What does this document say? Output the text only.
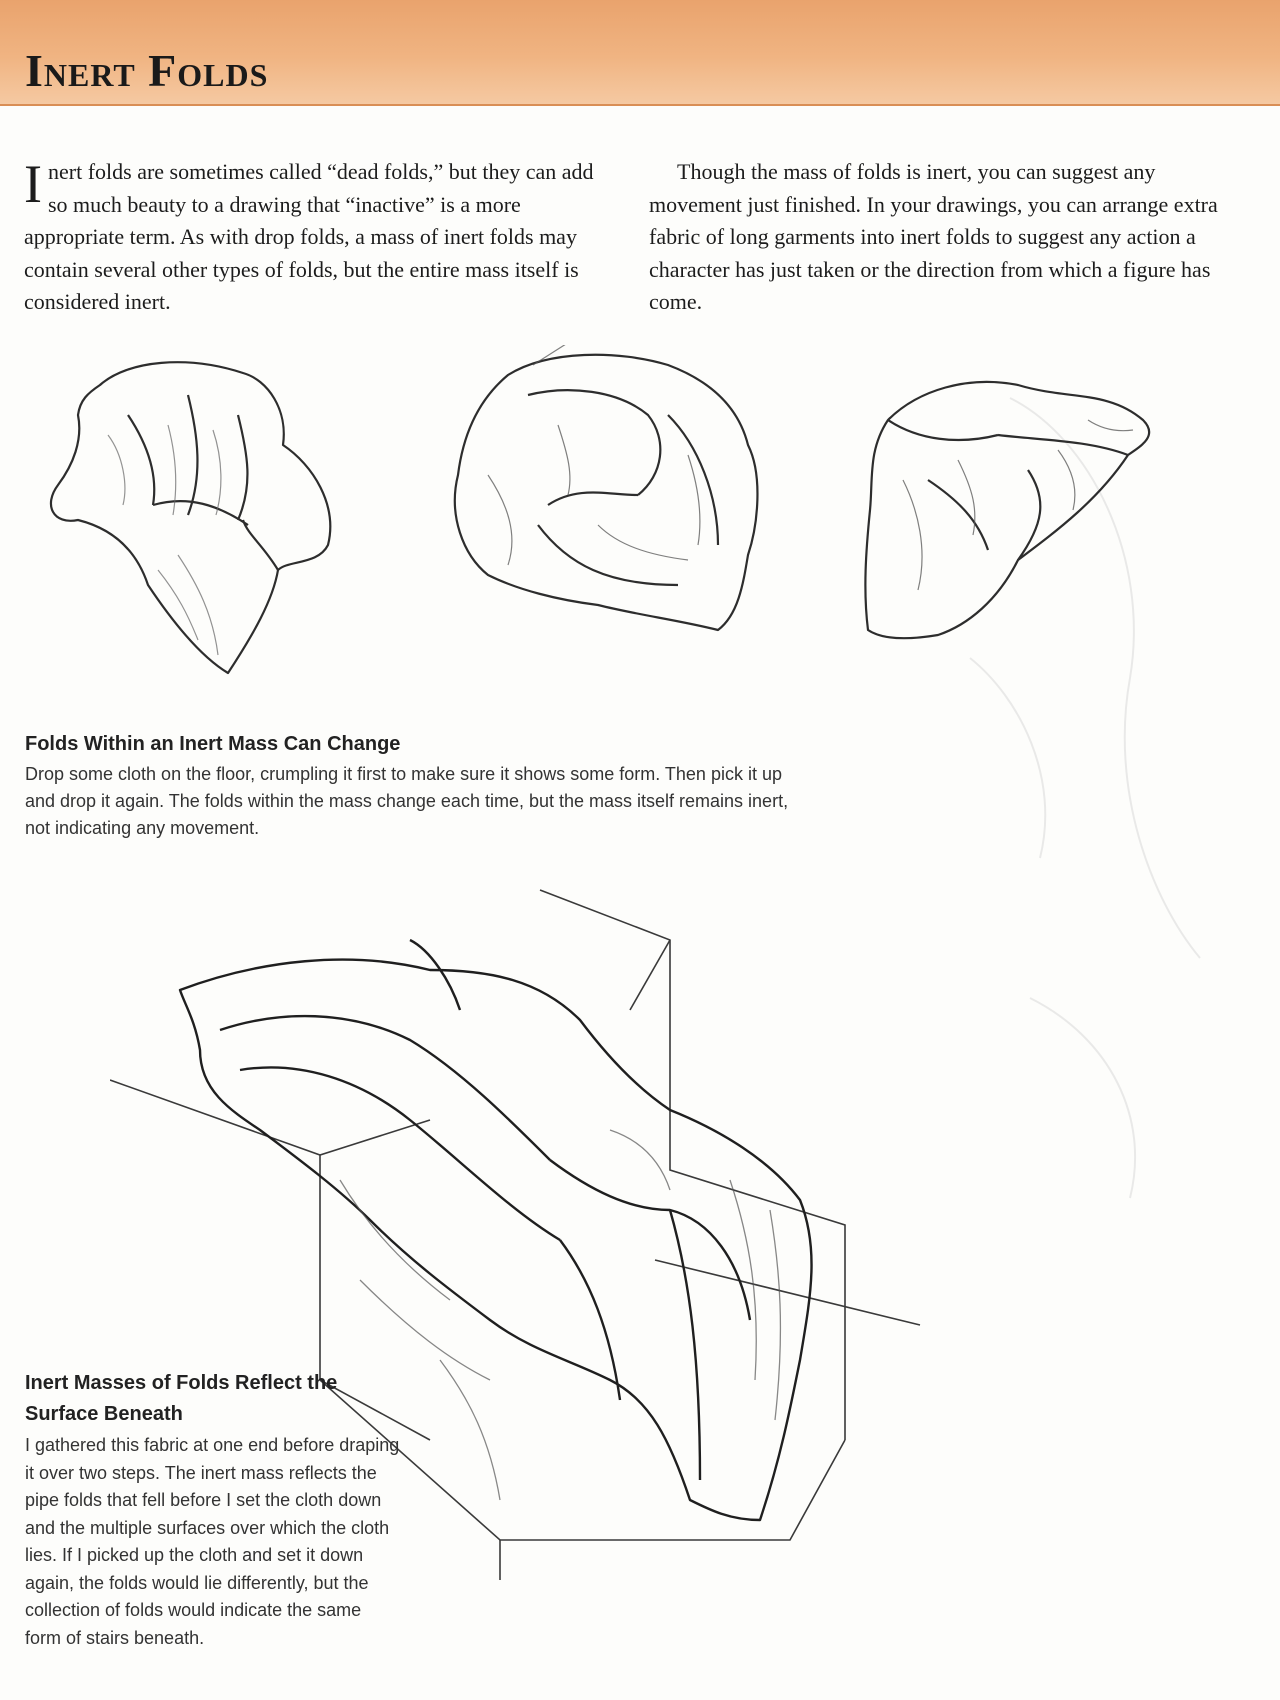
Inert Folds

Inert folds are sometimes called “dead folds,” but they can add so much beauty to a drawing that “inactive” is a more appropriate term. As with drop folds, a mass of inert folds may contain several other types of folds, but the entire mass itself is considered inert.

Though the mass of folds is inert, you can suggest any movement just finished. In your drawings, you can arrange extra fabric of long garments into inert folds to suggest any action a character has just taken or the direction from which a figure has come.

Folds Within an Inert Mass Can Change
Drop some cloth on the floor, crumpling it first to make sure it shows some form. Then pick it up
and drop it again. The folds within the mass change each time, but the mass itself remains inert,
not indicating any movement.
Inert Masses of Folds Reflect the
Surface Beneath
I gathered this fabric at one end before draping
it over two steps. The inert mass reflects the
pipe folds that fell before I set the cloth down
and the multiple surfaces over which the cloth
lies. If I picked up the cloth and set it down
again, the folds would lie differently, but the
collection of folds would indicate the same
form of stairs beneath.
